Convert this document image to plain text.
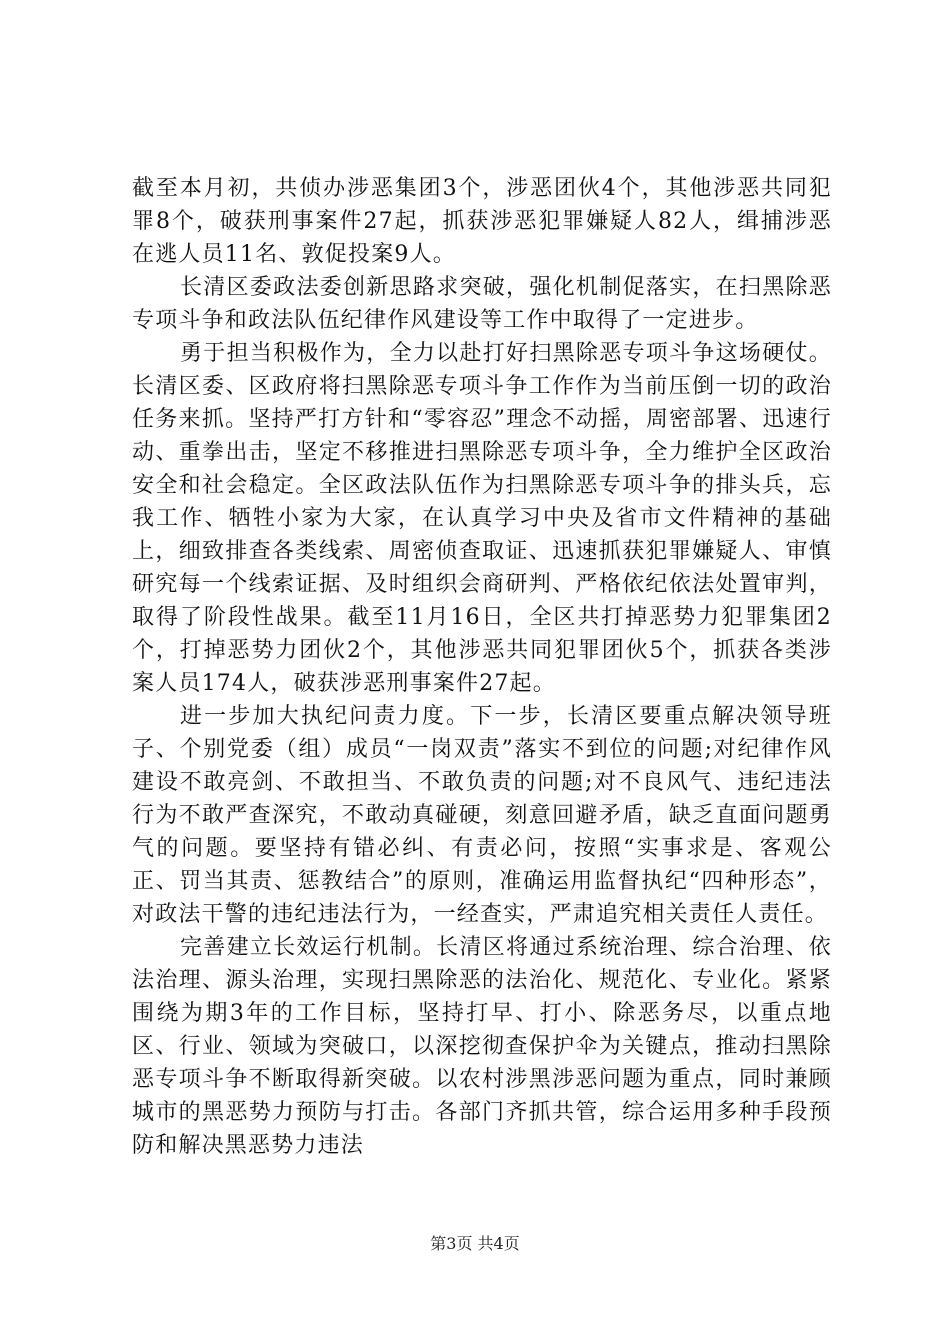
截至本月初，共侦办涉恶集团3个，涉恶团伙4个，其他涉恶共同犯罪8个，破获刑事案件27起，抓获涉恶犯罪嫌疑人82人，缉捕涉恶在逃人员11名、敦促投案9人。

长清区委政法委创新思路求突破，强化机制促落实，在扫黑除恶专项斗争和政法队伍纪律作风建设等工作中取得了一定进步。

勇于担当积极作为，全力以赴打好扫黑除恶专项斗争这场硬仗。长清区委、区政府将扫黑除恶专项斗争工作作为当前压倒一切的政治任务来抓。坚持严打方针和“零容忍”理念不动摇，周密部署、迅速行动、重拳出击，坚定不移推进扫黑除恶专项斗争，全力维护全区政治安全和社会稳定。全区政法队伍作为扫黑除恶专项斗争的排头兵，忘我工作、牺牲小家为大家，在认真学习中央及省市文件精神的基础上，细致排查各类线索、周密侦查取证、迅速抓获犯罪嫌疑人、审慎研究每一个线索证据、及时组织会商研判、严格依纪依法处置审判，取得了阶段性战果。截至11月16日，全区共打掉恶势力犯罪集团2个，打掉恶势力团伙2个，其他涉恶共同犯罪团伙5个，抓获各类涉案人员174人，破获涉恶刑事案件27起。

进一步加大执纪问责力度。下一步，长清区要重点解决领导班子、个别党委（组）成员“一岗双责”落实不到位的问题;对纪律作风建设不敢亮剑、不敢担当、不敢负责的问题;对不良风气、违纪违法行为不敢严查深究，不敢动真碰硬，刻意回避矛盾，缺乏直面问题勇气的问题。要坚持有错必纠、有责必问，按照“实事求是、客观公正、罚当其责、惩教结合”的原则，准确运用监督执纪“四种形态”，对政法干警的违纪违法行为，一经查实，严肃追究相关责任人责任。

完善建立长效运行机制。长清区将通过系统治理、综合治理、依法治理、源头治理，实现扫黑除恶的法治化、规范化、专业化。紧紧围绕为期3年的工作目标，坚持打早、打小、除恶务尽，以重点地区、行业、领域为突破口，以深挖彻查保护伞为关键点，推动扫黑除恶专项斗争不断取得新突破。以农村涉黑涉恶问题为重点，同时兼顾城市的黑恶势力预防与打击。各部门齐抓共管，综合运用多种手段预防和解决黑恶势力违法

第3页 共4页
